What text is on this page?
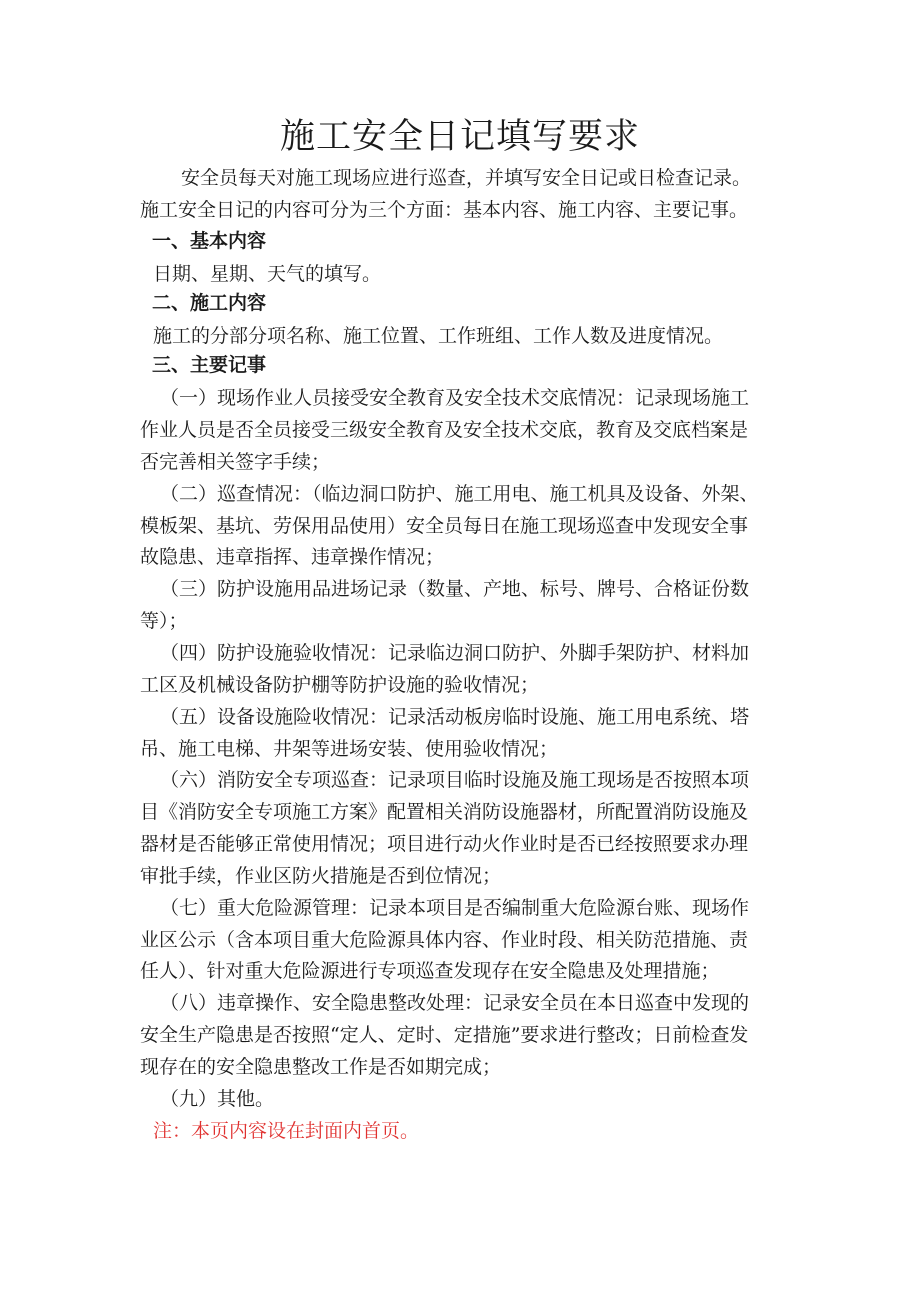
施工安全日记填写要求
安全员每天对施工现场应进行巡查，并填写安全日记或日检查记录。
施工安全日记的内容可分为三个方面：基本内容、施工内容、主要记事。
一、基本内容
日期、星期、天气的填写。
二、施工内容
施工的分部分项名称、施工位置、工作班组、工作人数及进度情况。
三、主要记事
（一）现场作业人员接受安全教育及安全技术交底情况：记录现场施工
作业人员是否全员接受三级安全教育及安全技术交底，教育及交底档案是
否完善相关签字手续；
（二）巡查情况：（临边洞口防护、施工用电、施工机具及设备、外架、
模板架、基坑、劳保用品使用）安全员每日在施工现场巡查中发现安全事
故隐患、违章指挥、违章操作情况；
（三）防护设施用品进场记录（数量、产地、标号、牌号、合格证份数
等）；
（四）防护设施验收情况：记录临边洞口防护、外脚手架防护、材料加
工区及机械设备防护棚等防护设施的验收情况；
（五）设备设施险收情况：记录活动板房临时设施、施工用电系统、塔
吊、施工电梯、井架等进场安装、使用验收情况；
（六）消防安全专项巡查：记录项目临时设施及施工现场是否按照本项
目《消防安全专项施工方案》配置相关消防设施器材，所配置消防设施及
器材是否能够正常使用情况；项目进行动火作业时是否已经按照要求办理
审批手续，作业区防火措施是否到位情况；
（七）重大危险源管理：记录本项目是否编制重大危险源台账、现场作
业区公示（含本项目重大危险源具体内容、作业时段、相关防范措施、责
任人）、针对重大危险源进行专项巡查发现存在安全隐患及处理措施；
（八）违章操作、安全隐患整改处理：记录安全员在本日巡查中发现的
安全生产隐患是否按照“定人、定时、定措施”要求进行整改；日前检查发
现存在的安全隐患整改工作是否如期完成；
（九）其他。
注：本页内容设在封面内首页。
